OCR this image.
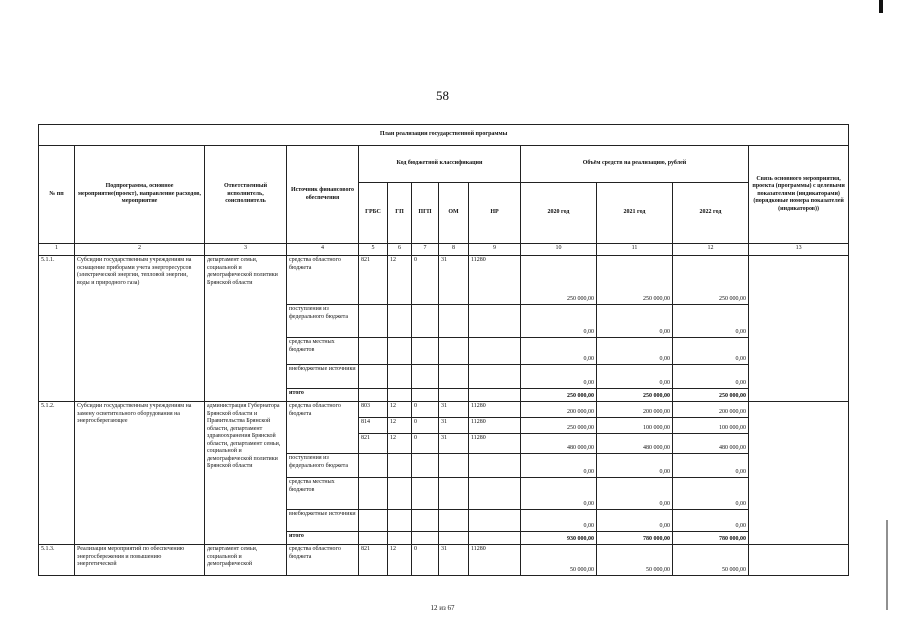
58
План реализации государственной программы												
№ пп	Подпрограмма, основное мероприятие(проект), направление расходов, мероприятие	Ответственный исполнитель, соисполнитель	Источник финансового обеспечения	Код бюджетной классификации					Объём средств на реализацию, рублей			Связь основного мероприятия, проекта (программы) с целевыми показателями (индикаторами) (порядковые номера показателей (индикаторов))
				ГРБС	ГП	ПГП	ОМ	НР	2020 год	2021 год	2022 год	
1	2	3	4	5	6	7	8	9	10	11	12	13
5.1.1.	Субсидии государственным учреждениям на оснащение приборами учета энергоресурсов (электрической энергии, тепловой энергии, воды и природного газа)	департамент семьи, социальной и демографической политики Брянской области	средства областного бюджета	821	12	0	31	11280	250 000,00	250 000,00	250 000,00	
			поступления из федерального бюджета						0,00	0,00	0,00	
			средства местных бюджетов						0,00	0,00	0,00	
			внебюджетные источники						0,00	0,00	0,00	
			итого						250 000,00	250 000,00	250 000,00	
5.1.2.	Субсидии государственным учреждениям на замену осветительного оборудования на энергосберегающее	администрация Губернатора Брянской области и Правительства Брянской области, департамент здравоохранения Брянской области, департамент семьи, социальной и демографической политики Брянской области	средства областного бюджета	803	12	0	31	11280	200 000,00	200 000,00	200 000,00	
				814	12	0	31	11280	250 000,00	100 000,00	100 000,00	
				821	12	0	31	11280	480 000,00	480 000,00	480 000,00	
			поступления из федерального бюджета						0,00	0,00	0,00	
			средства местных бюджетов						0,00	0,00	0,00	
			внебюджетные источники						0,00	0,00	0,00	
			итого						930 000,00	780 000,00	780 000,00	
5.1.3.	Реализация мероприятий по обеспечению энергосбережения и повышению энергетической	департамент семьи, социальной и демографической	средства областного бюджета	821	12	0	31	11280	50 000,00	50 000,00	50 000,00	
12 из 67
